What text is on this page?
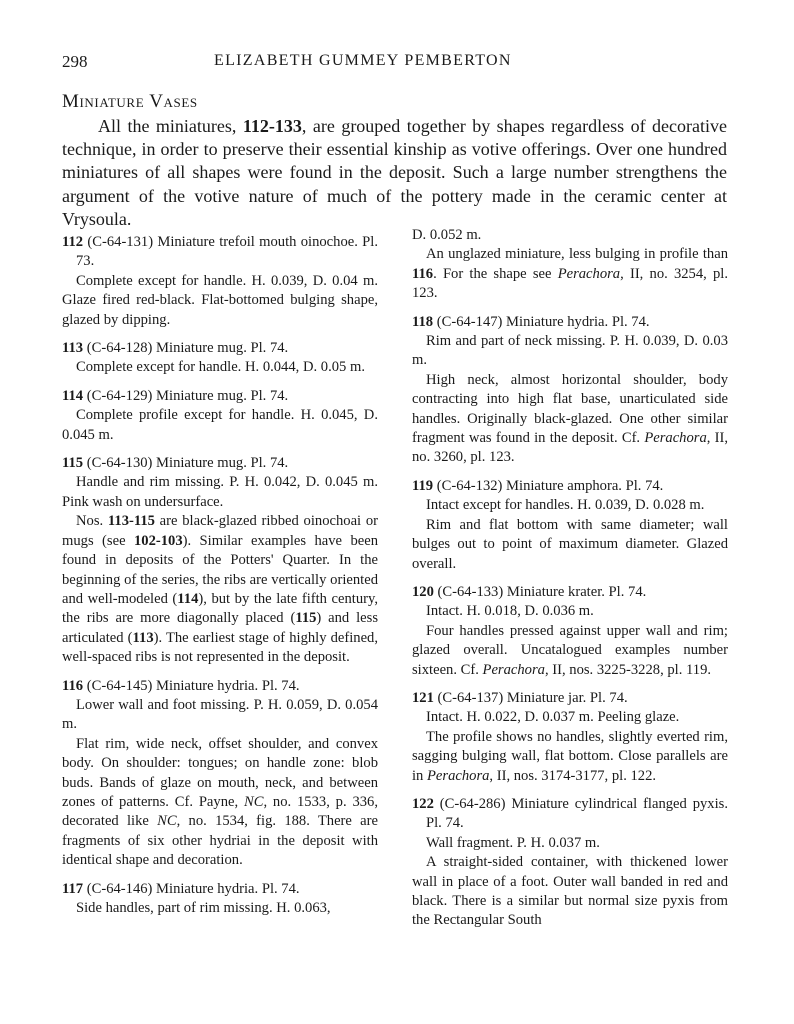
298	ELIZABETH GUMMEY PEMBERTON
Miniature Vases

All the miniatures, 112-133, are grouped together by shapes regardless of decorative technique, in order to preserve their essential kinship as votive offerings. Over one hundred miniatures of all shapes were found in the deposit. Such a large number strengthens the argument of the votive nature of much of the pottery made in the ceramic center at Vrysoula.

112 (C-64-131) Miniature trefoil mouth oinochoe. Pl. 73.

Complete except for handle. H. 0.039, D. 0.04 m. Glaze fired red-black. Flat-bottomed bulging shape, glazed by dipping.

113 (C-64-128) Miniature mug. Pl. 74.

Complete except for handle. H. 0.044, D. 0.05 m.

114 (C-64-129) Miniature mug. Pl. 74.

Complete profile except for handle. H. 0.045, D. 0.045 m.

115 (C-64-130) Miniature mug. Pl. 74.

Handle and rim missing. P. H. 0.042, D. 0.045 m. Pink wash on undersurface.

Nos. 113-115 are black-glazed ribbed oinochoai or mugs (see 102-103). Similar examples have been found in deposits of the Potters' Quarter. In the beginning of the series, the ribs are vertically oriented and well-modeled (114), but by the late fifth century, the ribs are more diagonally placed (115) and less articulated (113). The earliest stage of highly defined, well-spaced ribs is not represented in the deposit.

116 (C-64-145) Miniature hydria. Pl. 74.

Lower wall and foot missing. P. H. 0.059, D. 0.054 m.

Flat rim, wide neck, offset shoulder, and convex body. On shoulder: tongues; on handle zone: blob buds. Bands of glaze on mouth, neck, and between zones of patterns. Cf. Payne, NC, no. 1533, p. 336, decorated like NC, no. 1534, fig. 188. There are fragments of six other hydriai in the deposit with identical shape and decoration.

117 (C-64-146) Miniature hydria. Pl. 74.

Side handles, part of rim missing. H. 0.063,

D. 0.052 m.

An unglazed miniature, less bulging in profile than 116. For the shape see Perachora, II, no. 3254, pl. 123.

118 (C-64-147) Miniature hydria. Pl. 74.

Rim and part of neck missing. P. H. 0.039, D. 0.03 m.

High neck, almost horizontal shoulder, body contracting into high flat base, unarticulated side handles. Originally black-glazed. One other similar fragment was found in the deposit. Cf. Perachora, II, no. 3260, pl. 123.

119 (C-64-132) Miniature amphora. Pl. 74.

Intact except for handles. H. 0.039, D. 0.028 m.

Rim and flat bottom with same diameter; wall bulges out to point of maximum diameter. Glazed overall.

120 (C-64-133) Miniature krater. Pl. 74.

Intact. H. 0.018, D. 0.036 m.

Four handles pressed against upper wall and rim; glazed overall. Uncatalogued examples number sixteen. Cf. Perachora, II, nos. 3225-3228, pl. 119.

121 (C-64-137) Miniature jar. Pl. 74.

Intact. H. 0.022, D. 0.037 m. Peeling glaze.

The profile shows no handles, slightly everted rim, sagging bulging wall, flat bottom. Close parallels are in Perachora, II, nos. 3174-3177, pl. 122.

122 (C-64-286) Miniature cylindrical flanged pyxis. Pl. 74.

Wall fragment. P. H. 0.037 m.

A straight-sided container, with thickened lower wall in place of a foot. Outer wall banded in red and black. There is a similar but normal size pyxis from the Rectangular South
